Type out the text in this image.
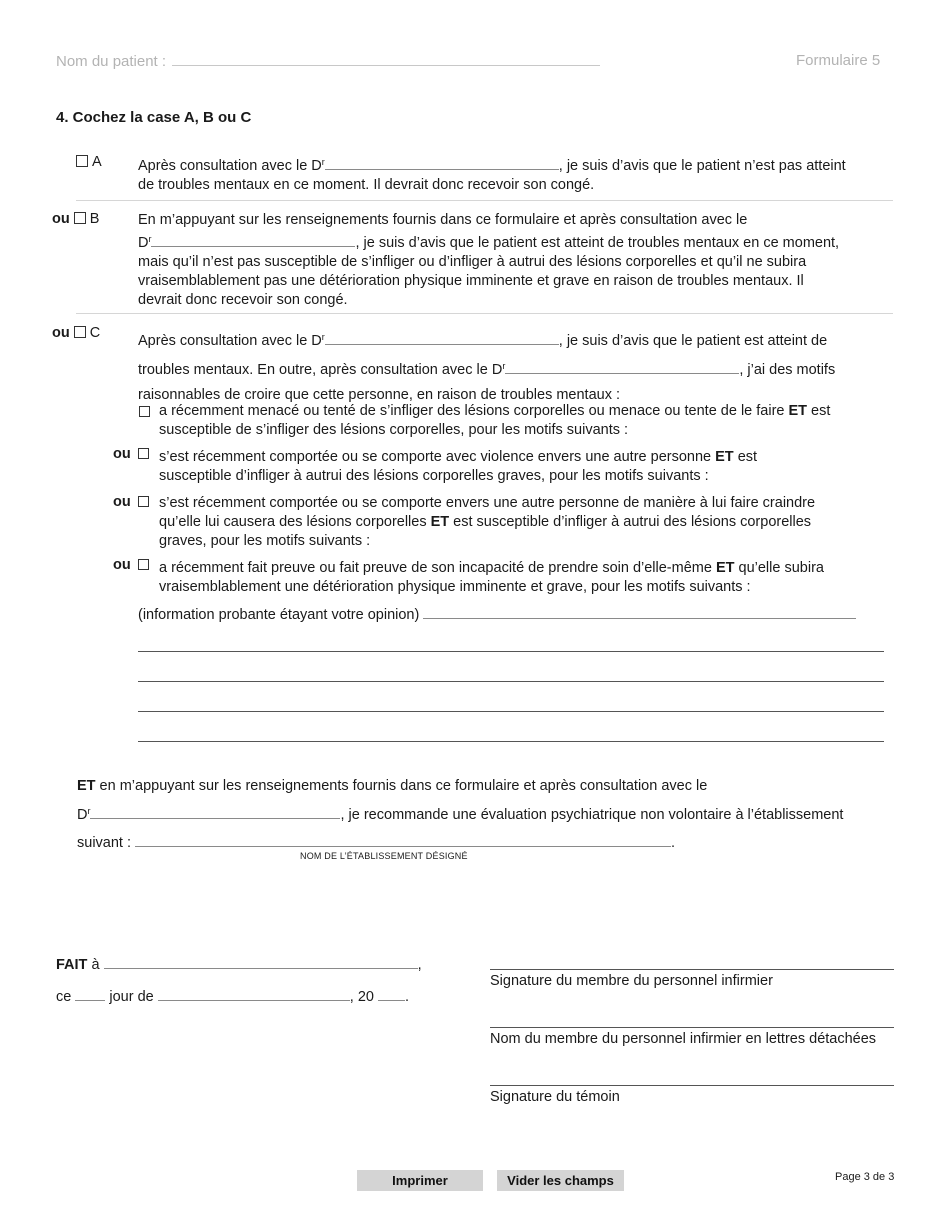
Nom du patient :	Formulaire 5
4. Cochez la case A, B ou C
A	Après consultation avec le $D^r$	, je suis d’avis que le patient n’est pas atteint
de troubles mentaux en ce moment. Il devrait donc recevoir son congé.
ou B	En m’appuyant sur les renseignements fournis dans ce formulaire et après consultation avec le
$D^r$	, je suis d’avis que le patient est atteint de troubles mentaux en ce moment,
mais qu’il n’est pas susceptible de s’infliger ou d’infliger à autrui des lésions corporelles et qu’il ne subira
vraisemblablement pas une détérioration physique imminente et grave en raison de troubles mentaux. Il
devrait donc recevoir son congé.
ou C	Après consultation avec le $D^r$	, je suis d’avis que le patient est atteint de
troubles mentaux. En outre, après consultation avec le $D^r$	, j’ai des motifs
raisonnables de croire que cette personne, en raison de troubles mentaux :
a récemment menacé ou tenté de s’infliger des lésions corporelles ou menace ou tente de le faire ET est
susceptible de s’infliger des lésions corporelles, pour les motifs suivants :
ou	s’est récemment comportée ou se comporte avec violence envers une autre personne ET est
susceptible d’infliger à autrui des lésions corporelles graves, pour les motifs suivants :
ou	s’est récemment comportée ou se comporte envers une autre personne de manière à lui faire craindre
qu’elle lui causera des lésions corporelles ET est susceptible d’infliger à autrui des lésions corporelles
graves, pour les motifs suivants :
ou	a récemment fait preuve ou fait preuve de son incapacité de prendre soin d’elle-même ET qu’elle subira
vraisemblablement une détérioration physique imminente et grave, pour les motifs suivants :
(information probante étayant votre opinion)
ET en m’appuyant sur les renseignements fournis dans ce formulaire et après consultation avec le
$D^r$	, je recommande une évaluation psychiatrique non volontaire à l’établissement
suivant :	.
NOM DE L’ÉTABLISSEMENT DÉSIGNÉ
FAIT à	,
ce	jour de	, 20 .
Signature du membre du personnel infirmier
Nom du membre du personnel infirmier en lettres détachées
Signature du témoin
Imprimer	Vider les champs	Page 3 de 3
